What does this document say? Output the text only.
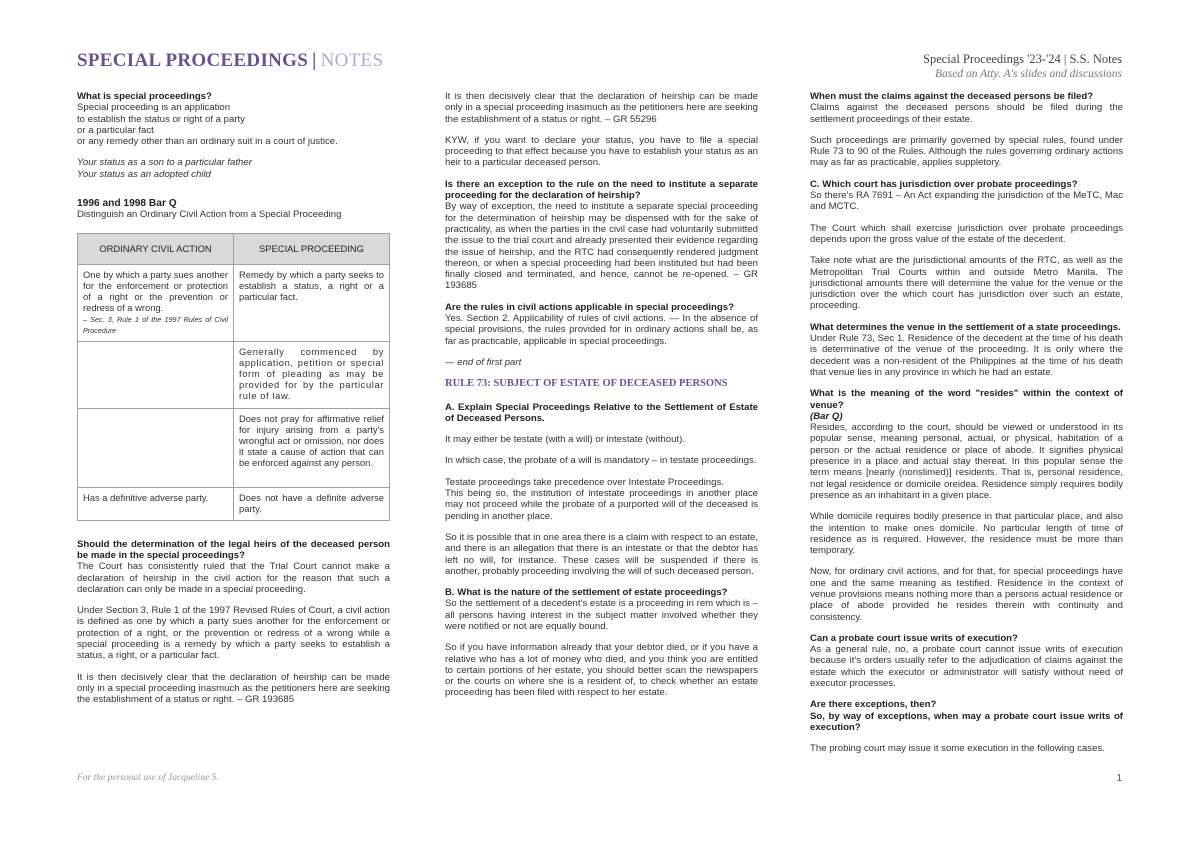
SPECIAL PROCEEDINGS | NOTES	Special Proceedings '23-'24 | S.S. Notes
Based on Atty. A's slides and discussions

What is special proceedings?
Special proceeding is an application
to establish the status or right of a party
or a particular fact
or any remedy other than an ordinary suit in a court of justice.

Your status as a son to a particular father
Your status as an adopted child

1996 and 1998 Bar Q
Distinguish an Ordinary Civil Action from a Special Proceeding
ORDINARY CIVIL ACTION	SPECIAL PROCEEDING
One by which a party sues another for the enforcement or protection of a right or the prevention or redress of a wrong.
– Sec. 3, Rule 1 of the 1997 Rules of Civil Procedure	Remedy by which a party seeks to establish a status, a right or a particular fact.
	Generally commenced by application, petition or special form of pleading as may be provided for by the particular rule of law.
	Does not pray for affirmative relief for injury arising from a party's wrongful act or omission, nor does it state a cause of action that can be enforced against any person.
Has a definitive adverse party.	Does not have a definite adverse party.

Should the determination of the legal heirs of the deceased person be made in the special proceedings?
The Court has consistently ruled that the Trial Court cannot make a declaration of heirship in the civil action for the reason that such a declaration can only be made in a special proceeding.

Under Section 3, Rule 1 of the 1997 Revised Rules of Court, a civil action is defined as one by which a party sues another for the enforcement or protection of a right, or the prevention or redress of a wrong while a special proceeding is a remedy by which a party seeks to establish a status, a right, or a particular fact.

It is then decisively clear that the declaration of heirship can be made only in a special proceeding inasmuch as the petitioners here are seeking the establishment of a status or right. – GR 193685

It is then decisively clear that the declaration of heirship can be made only in a special proceeding inasmuch as the petitioners here are seeking the establishment of a status or right. – GR 55296

KYW, if you want to declare your status, you have to file a special proceeding to that effect because you have to establish your status as an heir to a particular deceased person.

Is there an exception to the rule on the need to institute a separate proceeding for the declaration of heirship?
By way of exception, the need to institute a separate special proceeding for the determination of heirship may be dispensed with for the sake of practicality, as when the parties in the civil case had voluntarily submitted the issue to the trial court and already presented their evidence regarding the issue of heirship, and the RTC had consequently rendered judgment thereon, or when a special proceeding had been instituted but had been finally closed and terminated, and hence, cannot be re-opened. – GR 193685

Are the rules in civil actions applicable in special proceedings?
Yes. Section 2. Applicability of rules of civil actions. — In the absence of special provisions, the rules provided for in ordinary actions shall be, as far as practicable, applicable in special proceedings.

— end of first part

RULE 73: SUBJECT OF ESTATE OF DECEASED PERSONS

A. Explain Special Proceedings Relative to the Settlement of Estate of Deceased Persons.

It may either be testate (with a will) or intestate (without).

In which case, the probate of a will is mandatory – in testate proceedings.

Testate proceedings take precedence over Intestate Proceedings.
This being so, the institution of intestate proceedings in another place may not proceed while the probate of a purported will of the deceased is pending in another place.

So it is possible that in one area there is a claim with respect to an estate, and there is an allegation that there is an intestate or that the debtor has left no will, for instance. These cases will be suspended if there is another, probably proceeding involving the will of such deceased person.

B. What is the nature of the settlement of estate proceedings?
So the settlement of a decedent's estate is a proceeding in rem which is – all persons having interest in the subject matter involved whether they were notified or not are equally bound.

So if you have information already that your debtor died, or if you have a relative who has a lot of money who died, and you think you are entitled to certain portions of her estate, you should better scan the newspapers or the courts on where she is a resident of, to check whether an estate proceeding has been filed with respect to her estate.

When must the claims against the deceased persons be filed?
Claims against the deceased persons should be filed during the settlement proceedings of their estate.

Such proceedings are primarily governed by special rules, found under Rule 73 to 90 of the Rules. Although the rules governing ordinary actions may as far as practicable, applies suppletory.

C. Which court has jurisdiction over probate proceedings?
So there's RA 7691 – An Act expanding the jurisdiction of the MeTC, Mac and MCTC.

The Court which shall exercise jurisdiction over probate proceedings depends upon the gross value of the estate of the decedent.

Take note what are the jurisdictional amounts of the RTC, as well as the Metropolitan Trial Courts within and outside Metro Manila. The jurisdictional amounts there will determine the value for the venue or the jurisdiction over the which court has jurisdiction over such an estate, proceeding.

What determines the venue in the settlement of a state proceedings.
Under Rule 73, Sec 1. Residence of the decedent at the time of his death is determinative of the venue of the proceeding. It is only where the decedent was a non-resident of the Philippines at the time of his death that venue lies in any province in which he had an estate.

What is the meaning of the word "resides" within the context of venue?
(Bar Q)
Resides, according to the court, should be viewed or understood in its popular sense, meaning personal, actual, or physical, habitation of a person or the actual residence or place of abode. It signifies physical presence in a place and actual stay thereat. In this popular sense the term means [nearly (nonslimed)] residents. That is, personal residence, not legal residence or domicile oreidea. Residence simply requires bodily presence as an inhabitant in a given place.

While domicile requires bodily presence in that particular place, and also the intention to make ones domicile. No particular length of time of residence as is required. However, the residence must be more than temporary.

Now, for ordinary civil actions, and for that, for special proceedings have one and the same meaning as testified. Residence in the context of venue provisions means nothing more than a persons actual residence or place of abode provided he resides therein with continuity and consistency.

Can a probate court issue writs of execution?
As a general rule, no, a probate court cannot issue writs of execution because it's orders usually refer to the adjudication of claims against the estate which the executor or administrator will satisfy without need of executor processes.

Are there exceptions, then?
So, by way of exceptions, when may a probate court issue writs of execution?

The probing court may issue it some execution in the following cases.

For the personal use of Jacqueline S.	1
